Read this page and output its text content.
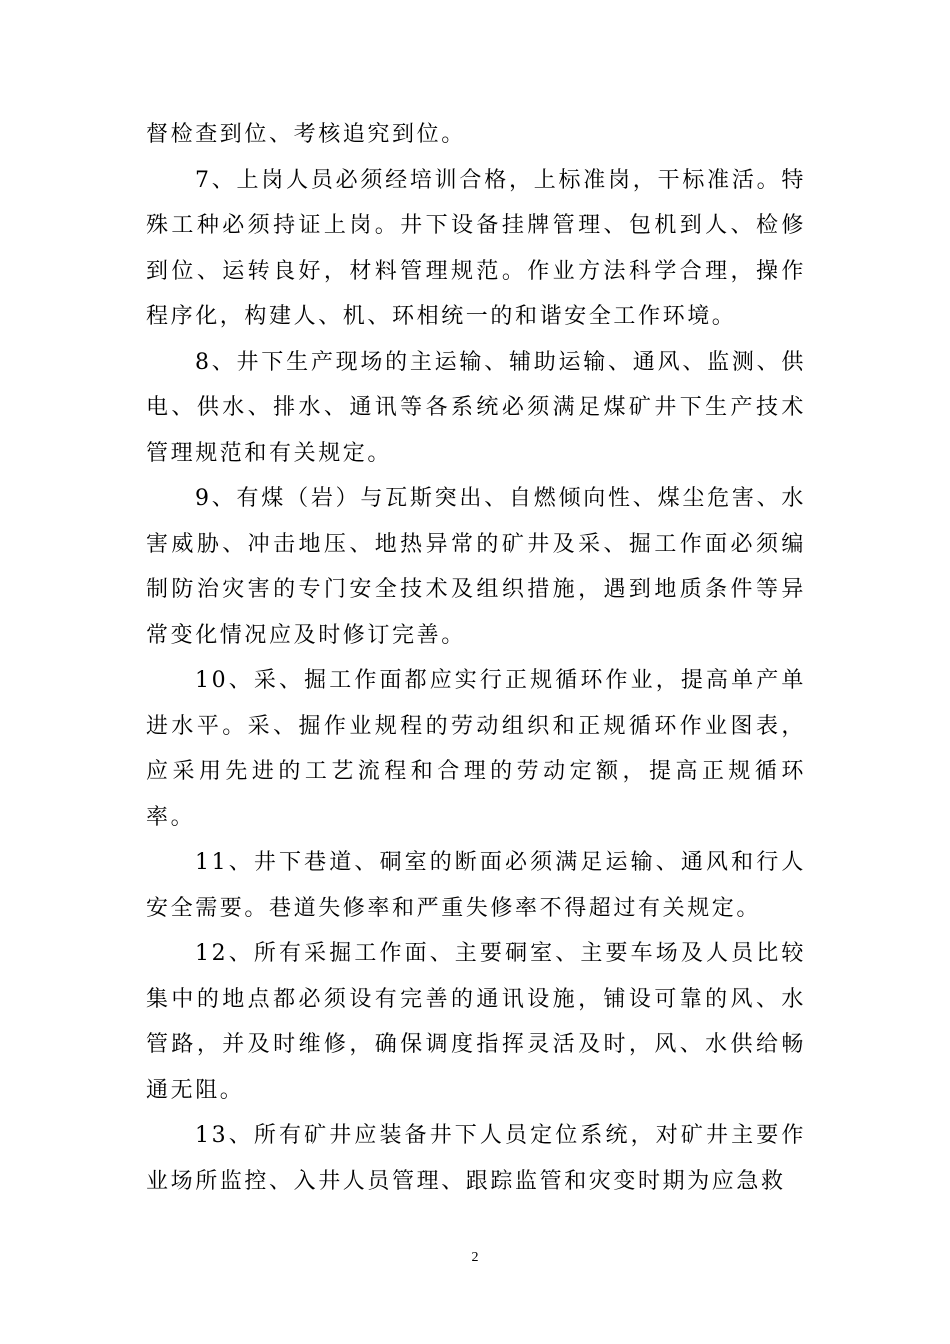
督检查到位、考核追究到位。

7、上岗人员必须经培训合格，上标准岗，干标准活。特殊工种必须持证上岗。井下设备挂牌管理、包机到人、检修到位、运转良好，材料管理规范。作业方法科学合理，操作程序化，构建人、机、环相统一的和谐安全工作环境。

8、井下生产现场的主运输、辅助运输、通风、监测、供电、供水、排水、通讯等各系统必须满足煤矿井下生产技术管理规范和有关规定。

9、有煤（岩）与瓦斯突出、自燃倾向性、煤尘危害、水害威胁、冲击地压、地热异常的矿井及采、掘工作面必须编制防治灾害的专门安全技术及组织措施，遇到地质条件等异常变化情况应及时修订完善。

10、采、掘工作面都应实行正规循环作业，提高单产单进水平。采、掘作业规程的劳动组织和正规循环作业图表，应采用先进的工艺流程和合理的劳动定额，提高正规循环率。

11、井下巷道、硐室的断面必须满足运输、通风和行人安全需要。巷道失修率和严重失修率不得超过有关规定。

12、所有采掘工作面、主要硐室、主要车场及人员比较集中的地点都必须设有完善的通讯设施，铺设可靠的风、水管路，并及时维修，确保调度指挥灵活及时，风、水供给畅通无阻。

13、所有矿井应装备井下人员定位系统，对矿井主要作业场所监控、入井人员管理、跟踪监管和灾变时期为应急救

2
